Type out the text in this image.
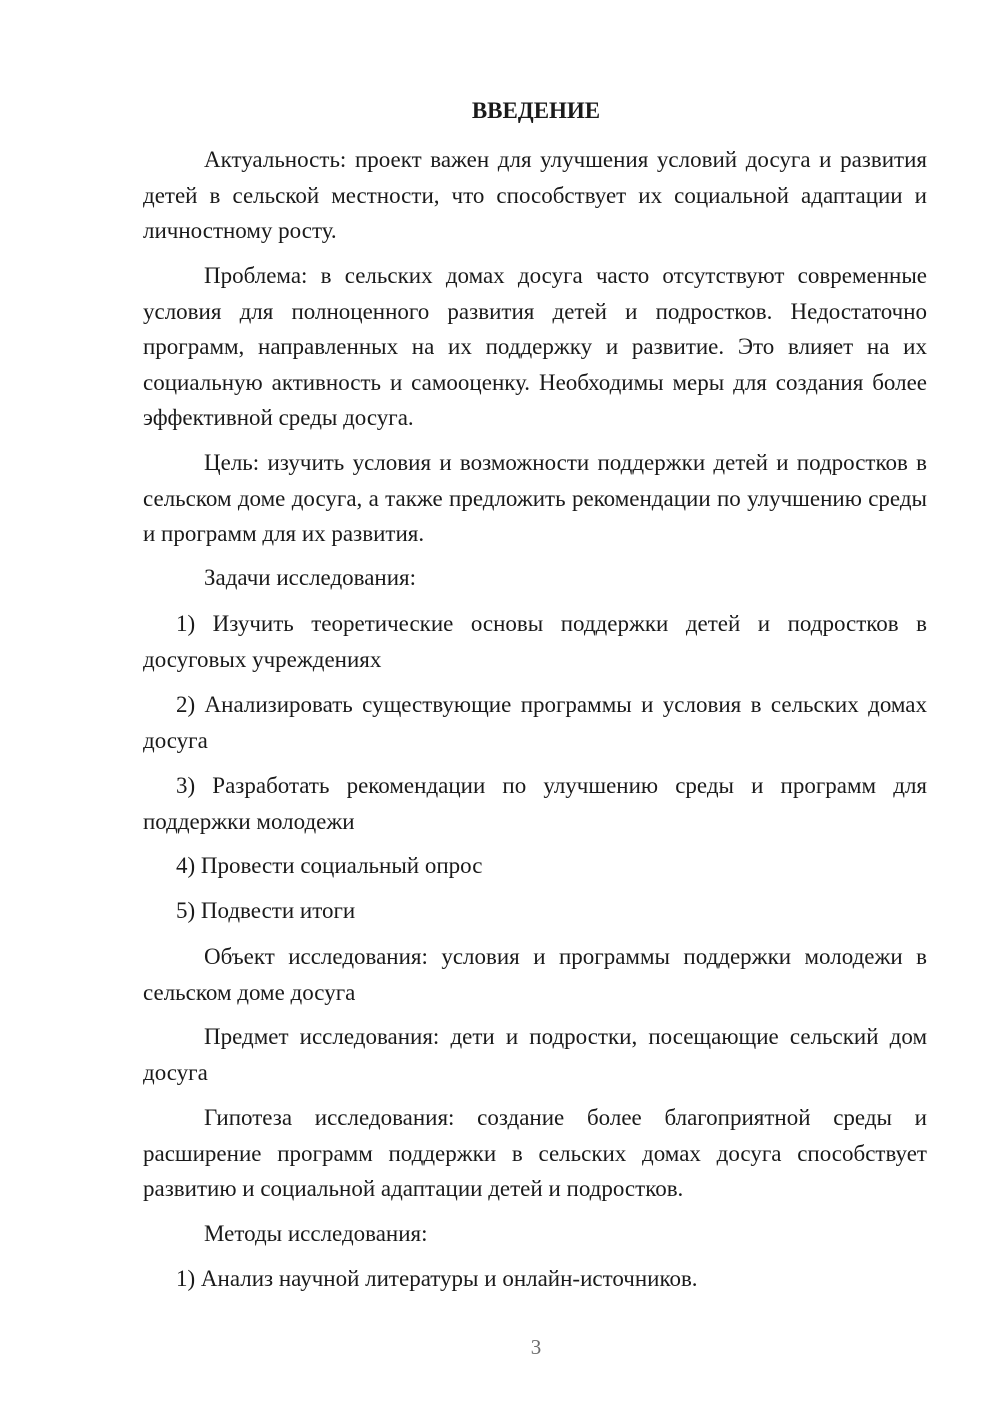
ВВЕДЕНИЕ

Актуальность: проект важен для улучшения условий досуга и развития детей в сельской местности, что способствует их социальной адаптации и личностному росту.

Проблема: в сельских домах досуга часто отсутствуют современные условия для полноценного развития детей и подростков. Недостаточно программ, направленных на их поддержку и развитие. Это влияет на их социальную активность и самооценку. Необходимы меры для создания более эффективной среды досуга.

Цель: изучить условия и возможности поддержки детей и подростков в сельском доме досуга, а также предложить рекомендации по улучшению среды и программ для их развития.

Задачи исследования:

1) Изучить теоретические основы поддержки детей и подростков в досуговых учреждениях

2) Анализировать существующие программы и условия в сельских домах досуга

3) Разработать рекомендации по улучшению среды и программ для поддержки молодежи

4) Провести социальный опрос

5) Подвести итоги

Объект исследования: условия и программы поддержки молодежи в сельском доме досуга

Предмет исследования: дети и подростки, посещающие сельский дом досуга

Гипотеза исследования: создание более благоприятной среды и расширение программ поддержки в сельских домах досуга способствует развитию и социальной адаптации детей и подростков.

Методы исследования:

1) Анализ научной литературы и онлайн-источников.

3
